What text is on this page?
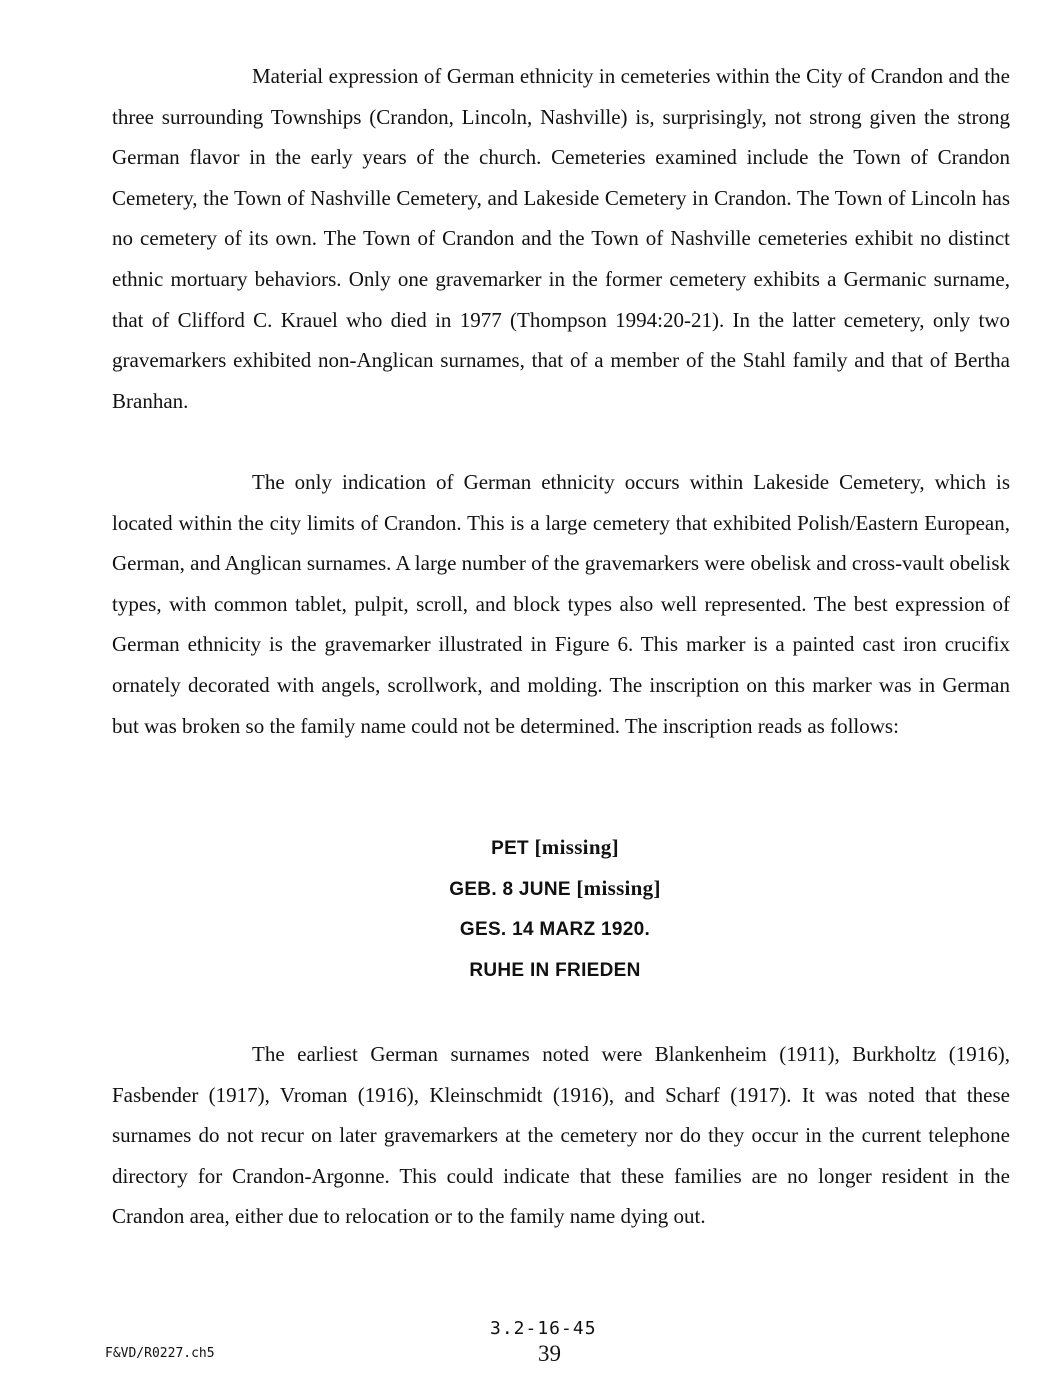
Material expression of German ethnicity in cemeteries within the City of Crandon and the three surrounding Townships (Crandon, Lincoln, Nashville) is, surprisingly, not strong given the strong German flavor in the early years of the church. Cemeteries examined include the Town of Crandon Cemetery, the Town of Nashville Cemetery, and Lakeside Cemetery in Crandon. The Town of Lincoln has no cemetery of its own. The Town of Crandon and the Town of Nashville cemeteries exhibit no distinct ethnic mortuary behaviors. Only one gravemarker in the former cemetery exhibits a Germanic surname, that of Clifford C. Krauel who died in 1977 (Thompson 1994:20-21). In the latter cemetery, only two gravemarkers exhibited non-Anglican surnames, that of a member of the Stahl family and that of Bertha Branhan.

The only indication of German ethnicity occurs within Lakeside Cemetery, which is located within the city limits of Crandon. This is a large cemetery that exhibited Polish/Eastern European, German, and Anglican surnames. A large number of the gravemarkers were obelisk and cross-vault obelisk types, with common tablet, pulpit, scroll, and block types also well represented. The best expression of German ethnicity is the gravemarker illustrated in Figure 6. This marker is a painted cast iron crucifix ornately decorated with angels, scrollwork, and molding. The inscription on this marker was in German but was broken so the family name could not be determined. The inscription reads as follows:

PET [missing]
GEB. 8 JUNE [missing]
GES. 14 MARZ 1920.
RUHE IN FRIEDEN

The earliest German surnames noted were Blankenheim (1911), Burkholtz (1916), Fasbender (1917), Vroman (1916), Kleinschmidt (1916), and Scharf (1917). It was noted that these surnames do not recur on later gravemarkers at the cemetery nor do they occur in the current telephone directory for Crandon-Argonne. This could indicate that these families are no longer resident in the Crandon area, either due to relocation or to the family name dying out.

F&VD/R0227.ch5
3.2-16-45
39
